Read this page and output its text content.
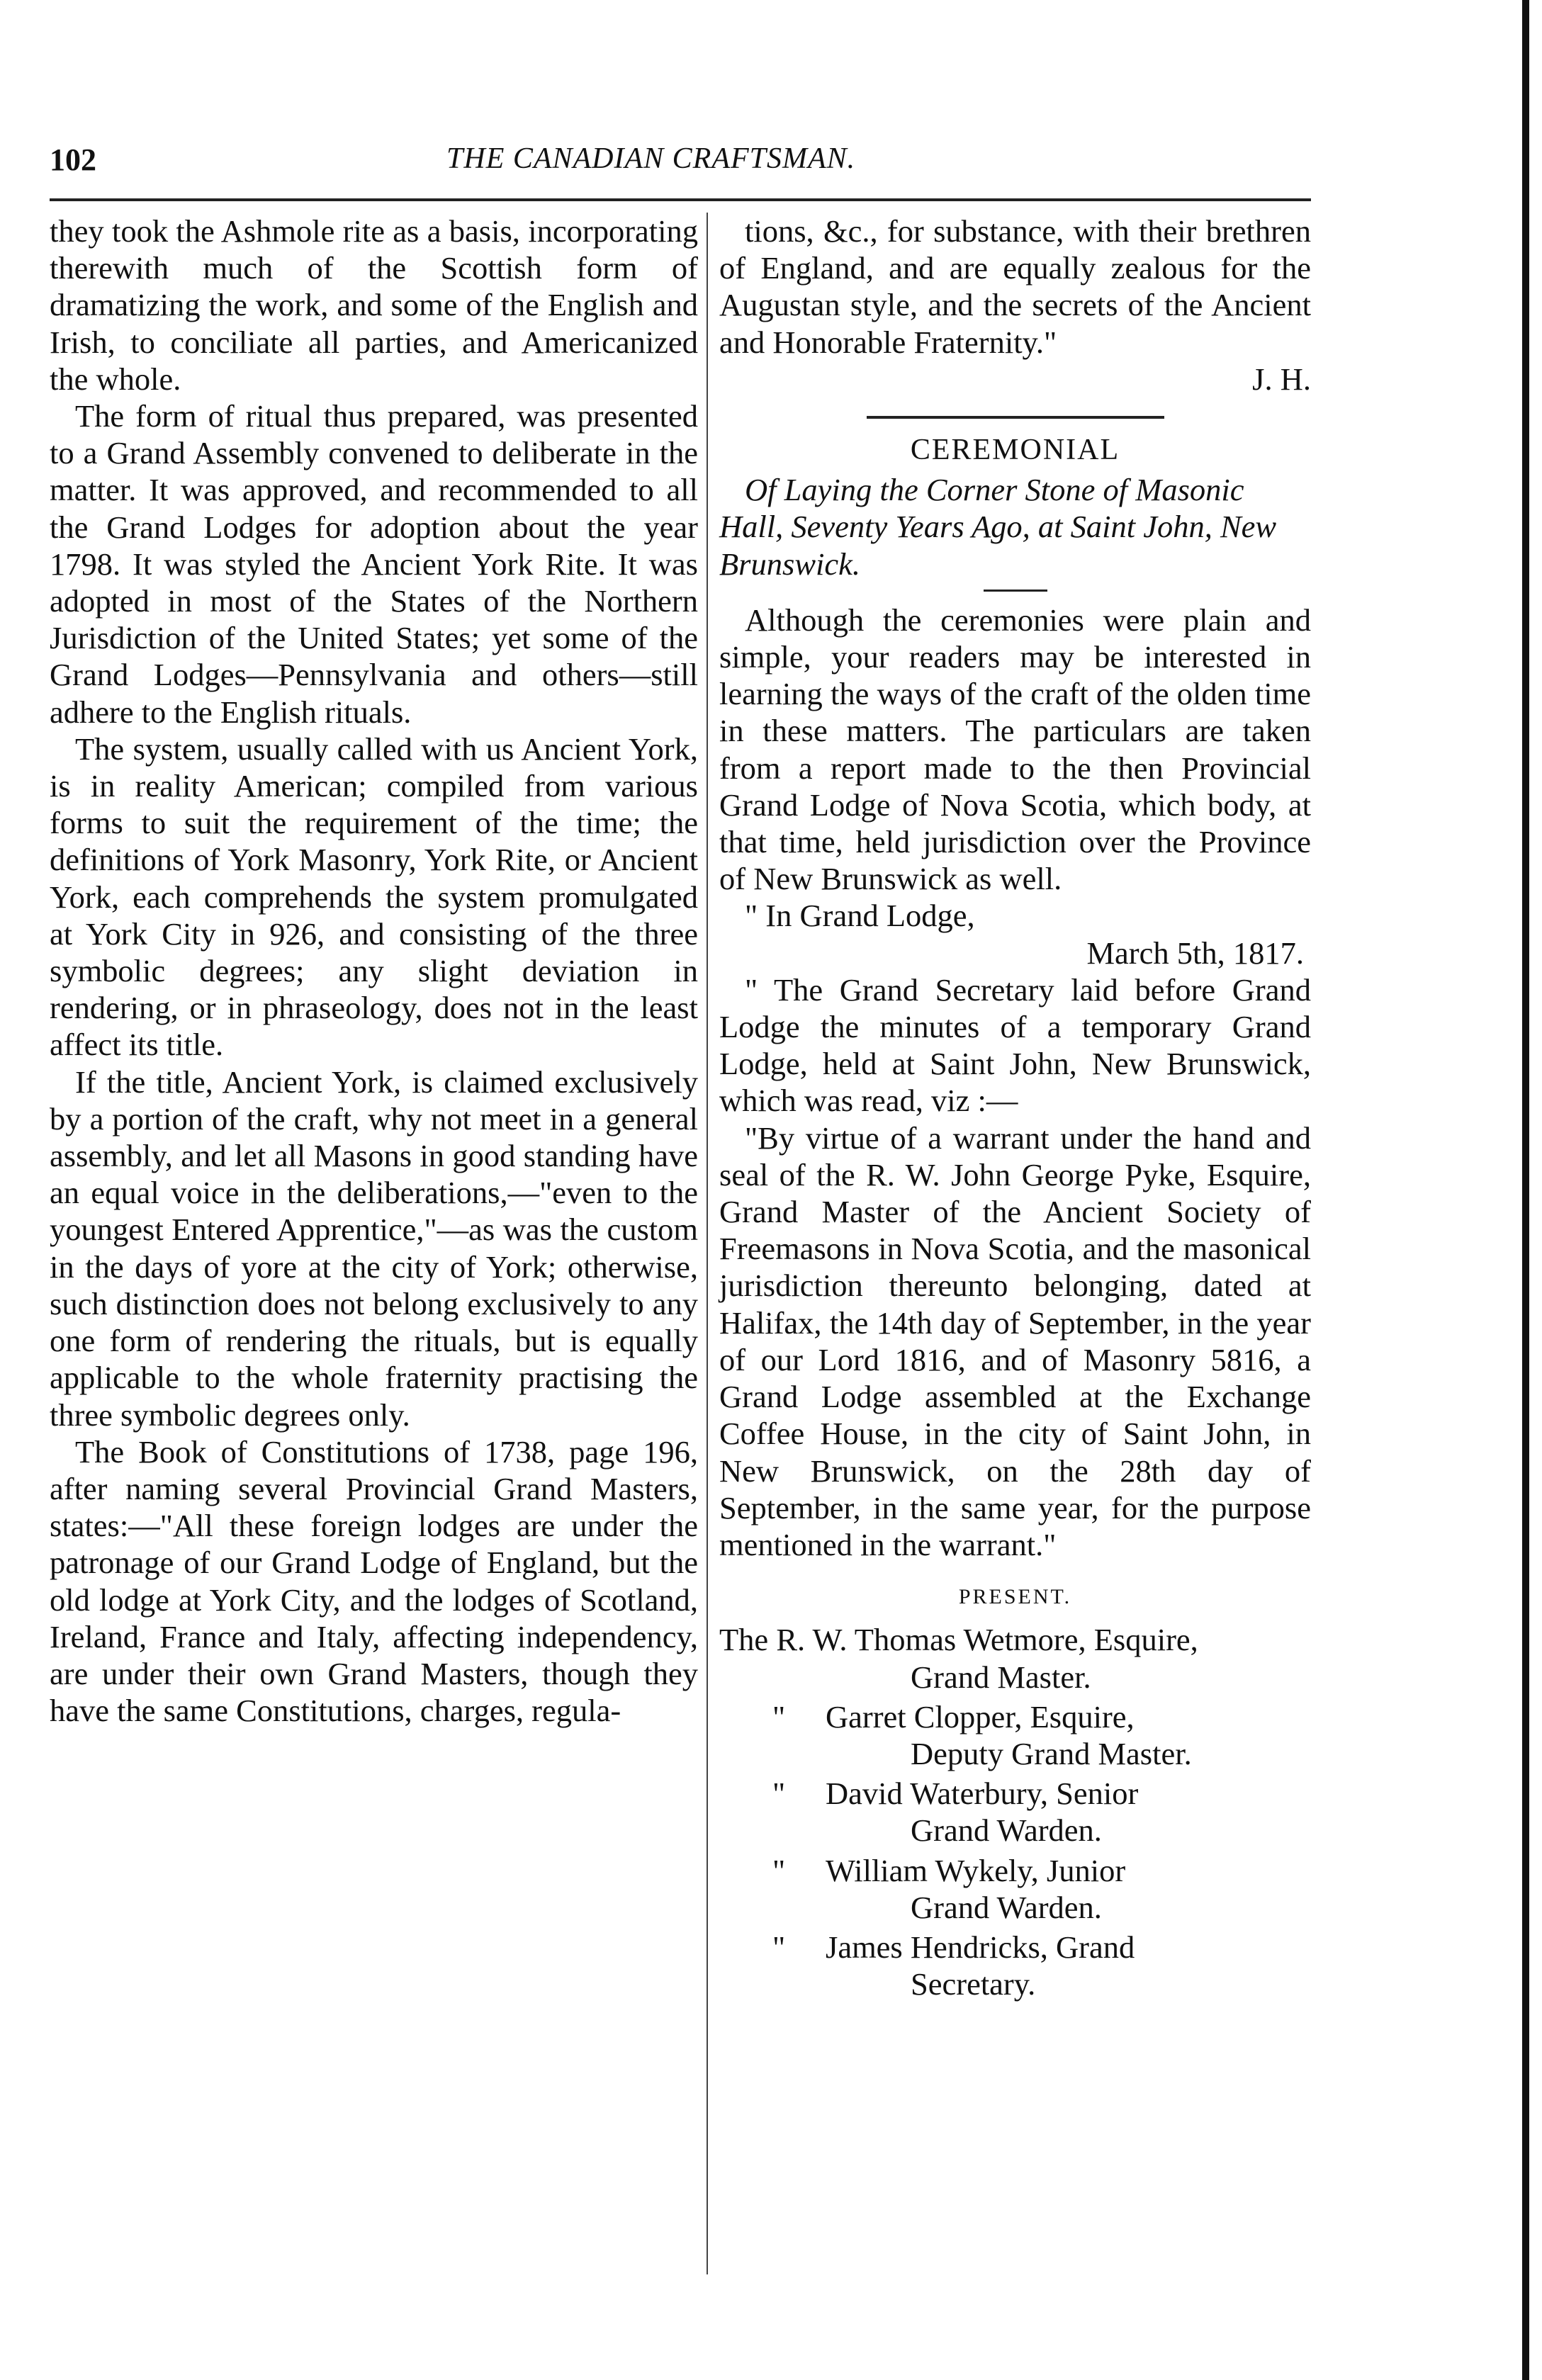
102	THE CANADIAN CRAFTSMAN.

they took the Ashmole rite as a basis, incorporating therewith much of the Scottish form of dramatizing the work, and some of the English and Irish, to conciliate all parties, and Americanized the whole.

The form of ritual thus prepared, was presented to a Grand Assembly convened to deliberate in the matter. It was approved, and recommended to all the Grand Lodges for adoption about the year 1798. It was styled the Ancient York Rite. It was adopted in most of the States of the Northern Jurisdiction of the United States; yet some of the Grand Lodges—Pennsylvania and others—still adhere to the English rituals.

The system, usually called with us Ancient York, is in reality American; compiled from various forms to suit the requirement of the time; the definitions of York Masonry, York Rite, or Ancient York, each comprehends the system promulgated at York City in 926, and consisting of the three symbolic degrees; any slight deviation in rendering, or in phraseology, does not in the least affect its title.

If the title, Ancient York, is claimed exclusively by a portion of the craft, why not meet in a general assembly, and let all Masons in good standing have an equal voice in the deliberations,—"even to the youngest Entered Apprentice,"—as was the custom in the days of yore at the city of York; otherwise, such distinction does not belong exclusively to any one form of rendering the rituals, but is equally applicable to the whole fraternity practising the three symbolic degrees only.

The Book of Constitutions of 1738, page 196, after naming several Provincial Grand Masters, states:—"All these foreign lodges are under the patronage of our Grand Lodge of England, but the old lodge at York City, and the lodges of Scotland, Ireland, France and Italy, affecting independency, are under their own Grand Masters, though they have the same Constitutions, charges, regula-

tions, &c., for substance, with their brethren of England, and are equally zealous for the Augustan style, and the secrets of the Ancient and Honorable Fraternity."

J. H.

CEREMONIAL

Of Laying the Corner Stone of Masonic Hall, Seventy Years Ago, at Saint John, New Brunswick.

Although the ceremonies were plain and simple, your readers may be interested in learning the ways of the craft of the olden time in these matters. The particulars are taken from a report made to the then Provincial Grand Lodge of Nova Scotia, which body, at that time, held jurisdiction over the Province of New Brunswick as well.

" In Grand Lodge,

March 5th, 1817.

" The Grand Secretary laid before Grand Lodge the minutes of a temporary Grand Lodge, held at Saint John, New Brunswick, which was read, viz :—

"By virtue of a warrant under the hand and seal of the R. W. John George Pyke, Esquire, Grand Master of the Ancient Society of Freemasons in Nova Scotia, and the masonical jurisdiction thereunto belonging, dated at Halifax, the 14th day of September, in the year of our Lord 1816, and of Masonry 5816, a Grand Lodge assembled at the Exchange Coffee House, in the city of Saint John, in New Brunswick, on the 28th day of September, in the same year, for the purpose mentioned in the warrant."

PRESENT.
The R. W. Thomas Wetmore, Esquire,
Grand Master.
" Garret Clopper, Esquire,
Deputy Grand Master.
" David Waterbury, Senior
Grand Warden.
" William Wykely, Junior
Grand Warden.
" James Hendricks, Grand
Secretary.
